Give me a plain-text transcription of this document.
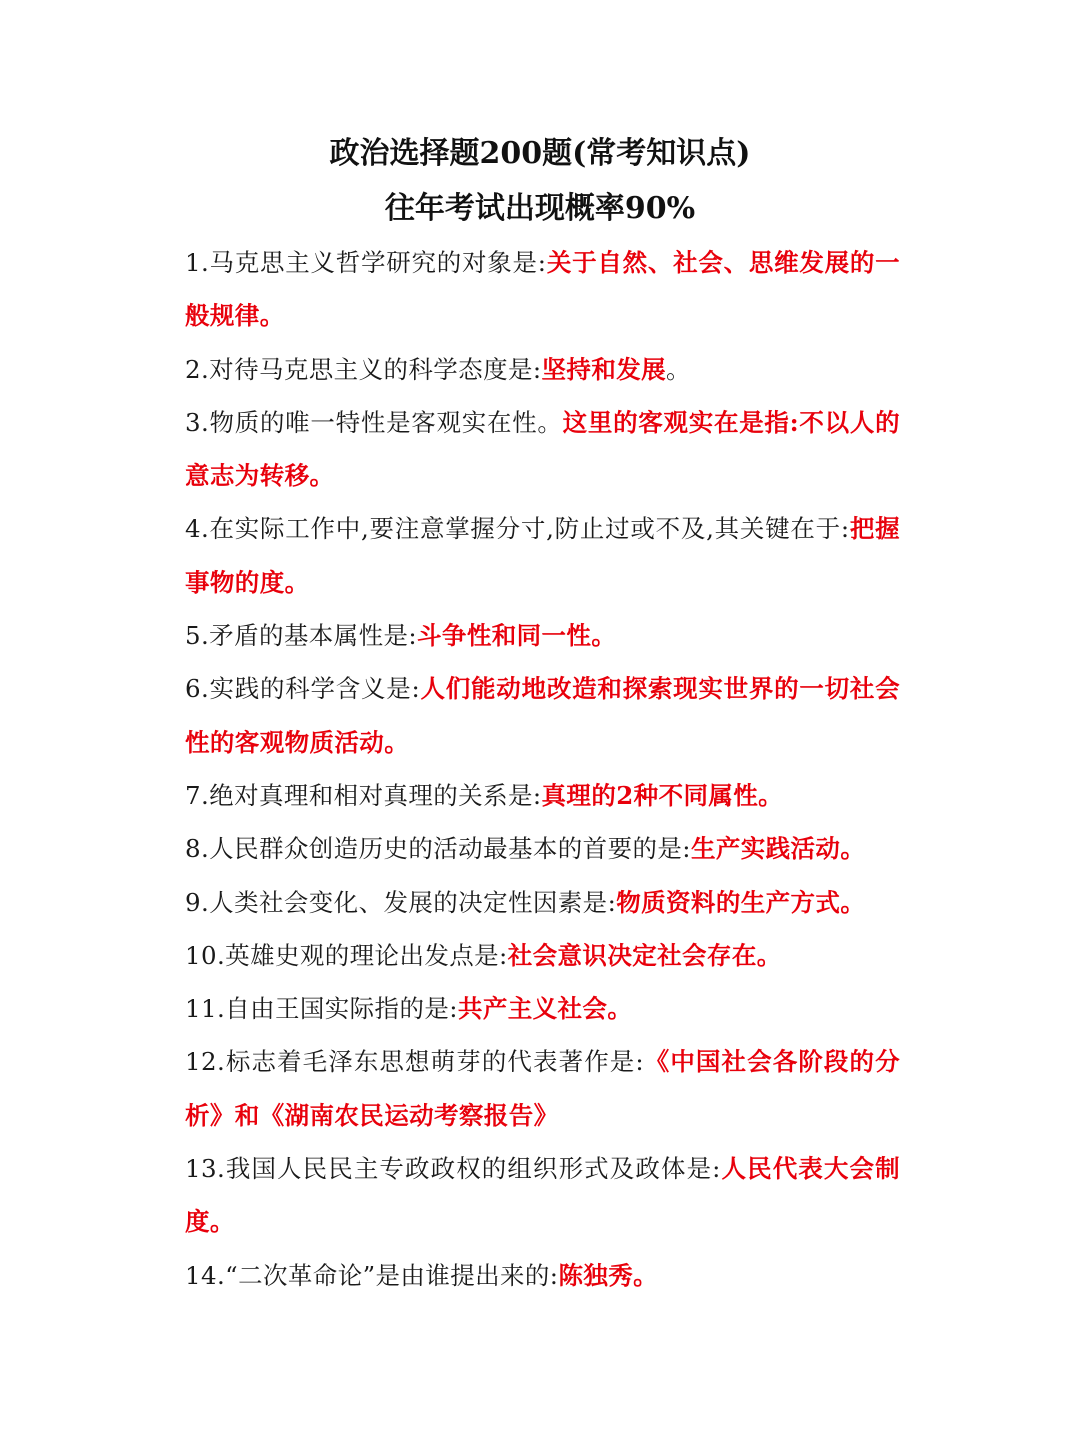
政治选择题200题(常考知识点)
往年考试出现概率90%

1.马克思主义哲学研究的对象是:关于自然、社会、思维发展的一般规律。

2.对待马克思主义的科学态度是:坚持和发展。

3.物质的唯一特性是客观实在性。这里的客观实在是指:不以人的意志为转移。

4.在实际工作中,要注意掌握分寸,防止过或不及,其关键在于:把握事物的度。

5.矛盾的基本属性是:斗争性和同一性。

6.实践的科学含义是:人们能动地改造和探索现实世界的一切社会性的客观物质活动。

7.绝对真理和相对真理的关系是:真理的2种不同属性。

8.人民群众创造历史的活动最基本的首要的是:生产实践活动。

9.人类社会变化、发展的决定性因素是:物质资料的生产方式。

10.英雄史观的理论出发点是:社会意识决定社会存在。

11.自由王国实际指的是:共产主义社会。

12.标志着毛泽东思想萌芽的代表著作是:《中国社会各阶段的分析》和《湖南农民运动考察报告》

13.我国人民民主专政政权的组织形式及政体是:人民代表大会制度。

14.“二次革命论”是由谁提出来的:陈独秀。
